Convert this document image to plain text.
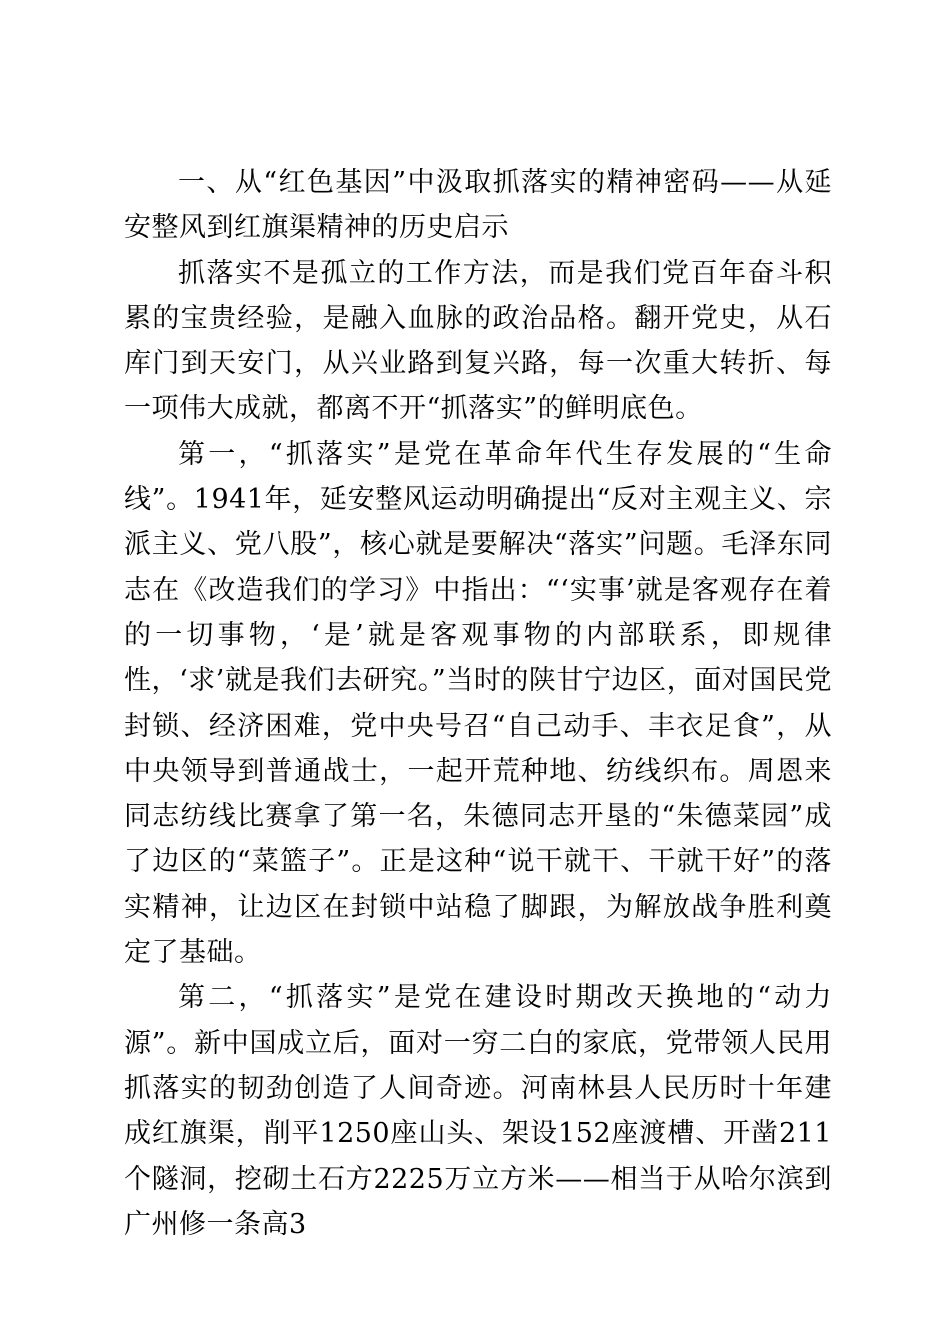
一、从“红色基因”中汲取抓落实的精神密码——从延安整风到红旗渠精神的历史启示

抓落实不是孤立的工作方法，而是我们党百年奋斗积累的宝贵经验，是融入血脉的政治品格。翻开党史，从石库门到天安门，从兴业路到复兴路，每一次重大转折、每一项伟大成就，都离不开“抓落实”的鲜明底色。

第一，“抓落实”是党在革命年代生存发展的“生命线”。1941年，延安整风运动明确提出“反对主观主义、宗派主义、党八股”，核心就是要解决“落实”问题。毛泽东同志在《改造我们的学习》中指出：“‘实事’就是客观存在着的一切事物，‘是’就是客观事物的内部联系，即规律性，‘求’就是我们去研究。”当时的陕甘宁边区，面对国民党封锁、经济困难，党中央号召“自己动手、丰衣足食”，从中央领导到普通战士，一起开荒种地、纺线织布。周恩来同志纺线比赛拿了第一名，朱德同志开垦的“朱德菜园”成了边区的“菜篮子”。正是这种“说干就干、干就干好”的落实精神，让边区在封锁中站稳了脚跟，为解放战争胜利奠定了基础。

第二，“抓落实”是党在建设时期改天换地的“动力源”。新中国成立后，面对一穷二白的家底，党带领人民用抓落实的韧劲创造了人间奇迹。河南林县人民历时十年建成红旗渠，削平1250座山头、架设152座渡槽、开凿211个隧洞，挖砌土石方2225万立方米——相当于从哈尔滨到广州修一条高3
